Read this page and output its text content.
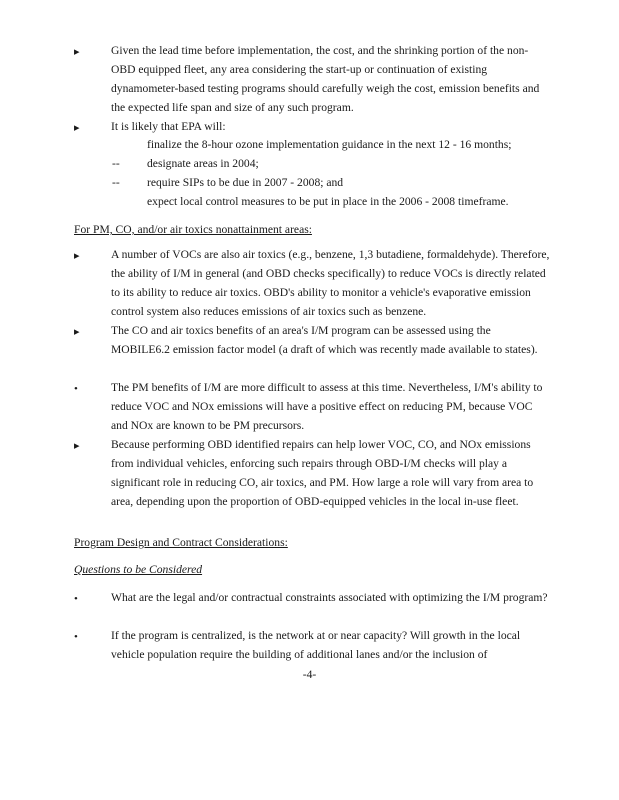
▸	Given the lead time before implementation, the cost, and the shrinking portion of the non-OBD equipped fleet, any area considering the start-up or continuation of existing dynamometer-based testing programs should carefully weigh the cost, emission benefits and the expected life span and size of any such program.
▸	It is likely that EPA will:
finalize the 8-hour ozone implementation guidance in the next 12 - 16 months;
-- designate areas in 2004;
-- require SIPs to be due in 2007 - 2008; and
expect local control measures to be put in place in the 2006 - 2008 timeframe.
For PM, CO, and/or air toxics nonattainment areas:
▸	A number of VOCs are also air toxics (e.g., benzene, 1,3 butadiene, formaldehyde). Therefore, the ability of I/M in general (and OBD checks specifically) to reduce VOCs is directly related to its ability to reduce air toxics. OBD's ability to monitor a vehicle's evaporative emission control system also reduces emissions of air toxics such as benzene.
▸	The CO and air toxics benefits of an area's I/M program can be assessed using the MOBILE6.2 emission factor model (a draft of which was recently made available to states).
•	The PM benefits of I/M are more difficult to assess at this time. Nevertheless, I/M's ability to reduce VOC and NOx emissions will have a positive effect on reducing PM, because VOC and NOx are known to be PM precursors.
▸	Because performing OBD identified repairs can help lower VOC, CO, and NOx emissions from individual vehicles, enforcing such repairs through OBD-I/M checks will play a significant role in reducing CO, air toxics, and PM. How large a role will vary from area to area, depending upon the proportion of OBD-equipped vehicles in the local in-use fleet.
Program Design and Contract Considerations:
Questions to be Considered
•	What are the legal and/or contractual constraints associated with optimizing the I/M program?
•	If the program is centralized, is the network at or near capacity? Will growth in the local vehicle population require the building of additional lanes and/or the inclusion of
-4-
